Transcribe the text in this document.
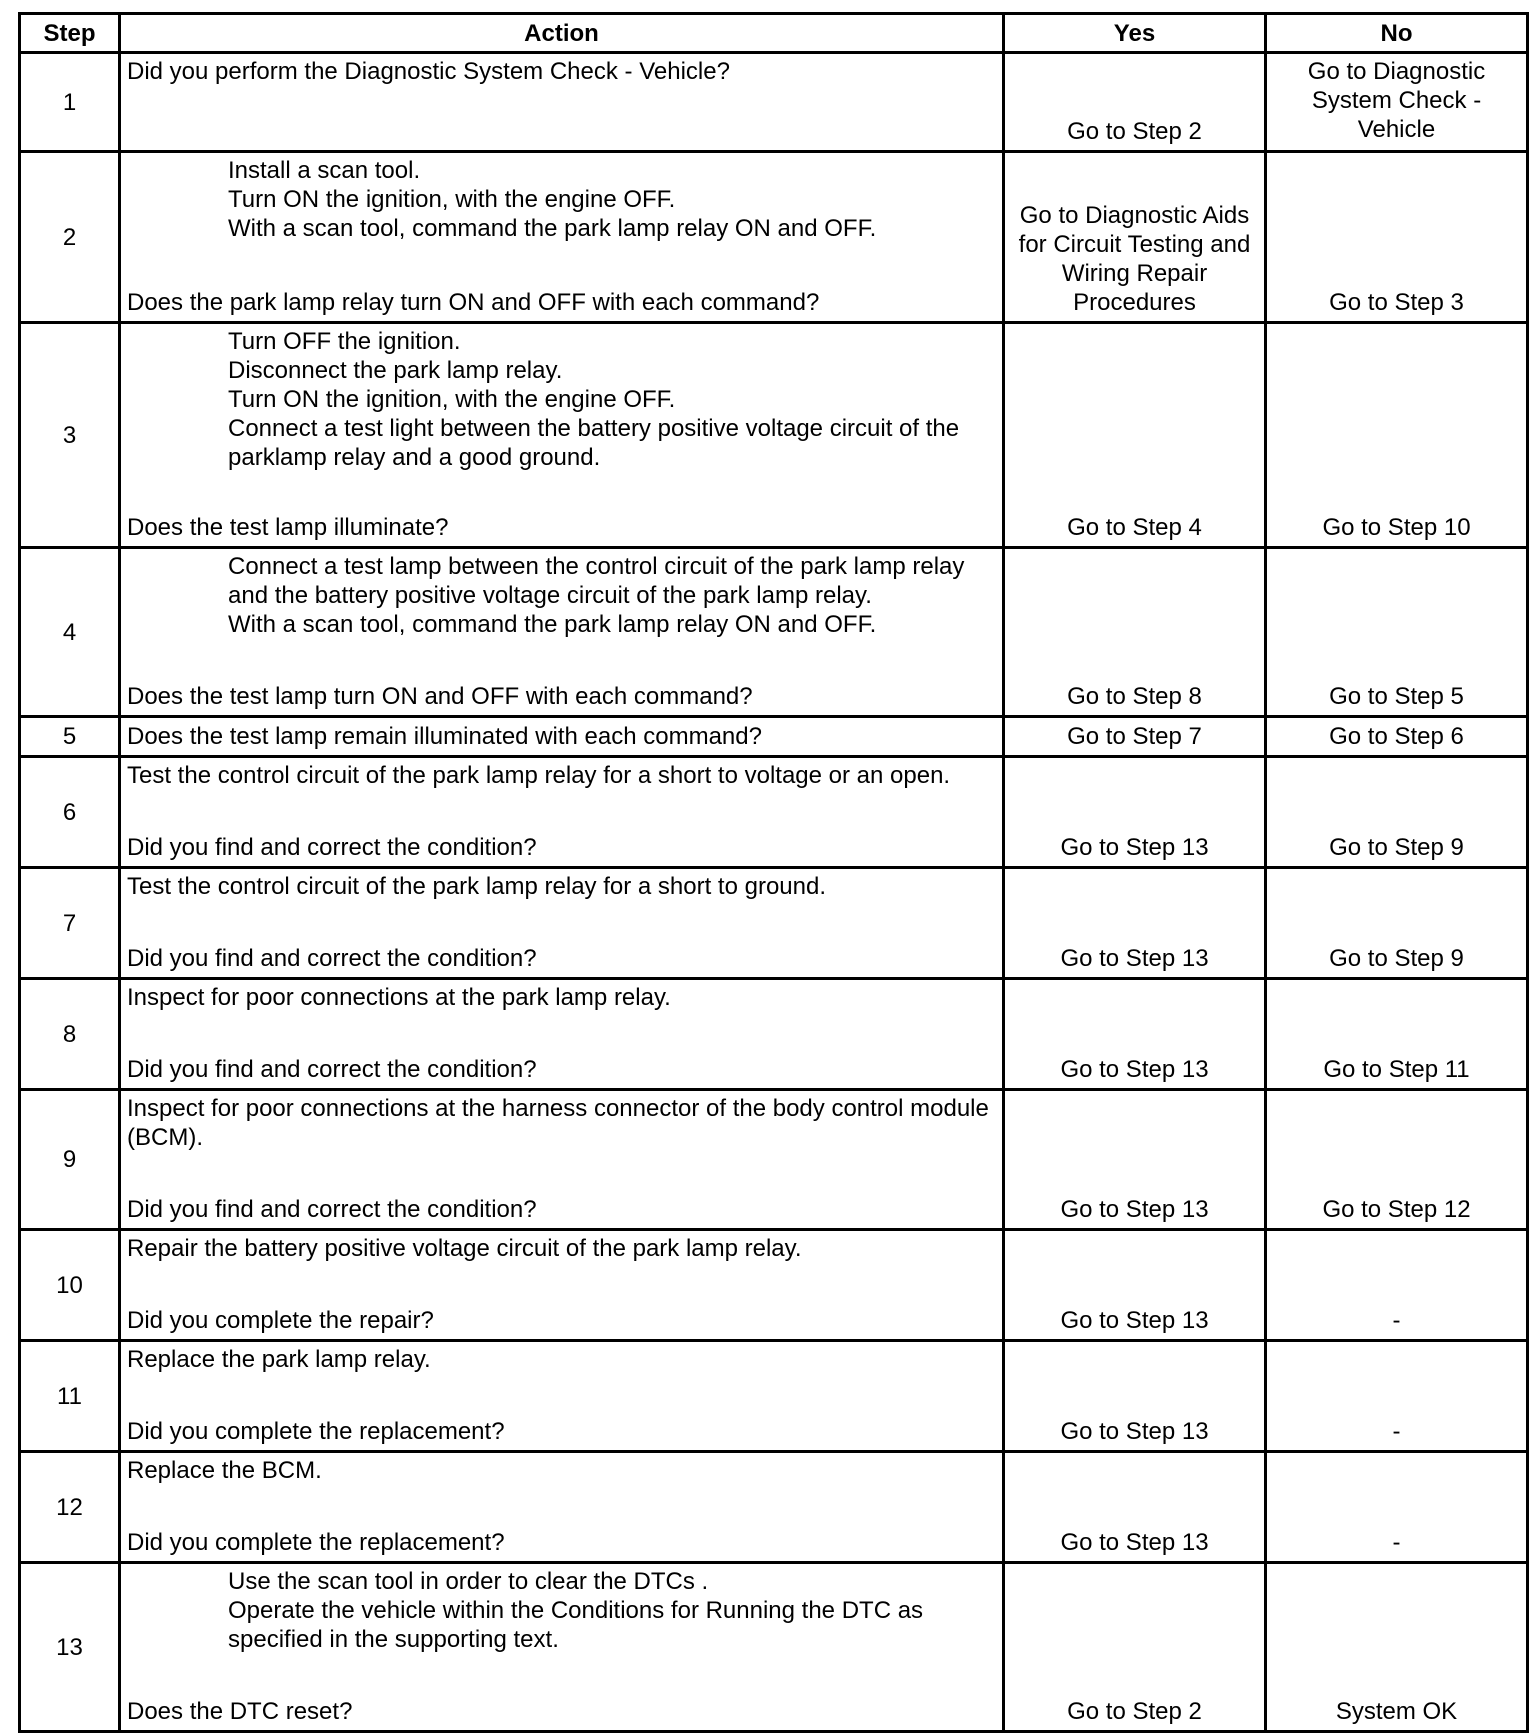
Step	Action	Yes	No
1	Did you perform the Diagnostic System Check - Vehicle?	Go to Step 2	Go to Diagnostic System Check - Vehicle
2	Install a scan tool.
Turn ON the ignition, with the engine OFF.
With a scan tool, command the park lamp relay ON and OFF.
Does the park lamp relay turn ON and OFF with each command?	Go to Diagnostic Aids for Circuit Testing and Wiring Repair Procedures	Go to Step 3
3	Turn OFF the ignition.
Disconnect the park lamp relay.
Turn ON the ignition, with the engine OFF.
Connect a test light between the battery positive voltage circuit of the parklamp relay and a good ground.
Does the test lamp illuminate?	Go to Step 4	Go to Step 10
4	Connect a test lamp between the control circuit of the park lamp relay and the battery positive voltage circuit of the park lamp relay.
With a scan tool, command the park lamp relay ON and OFF.
Does the test lamp turn ON and OFF with each command?	Go to Step 8	Go to Step 5
5	Does the test lamp remain illuminated with each command?	Go to Step 7	Go to Step 6
6	Test the control circuit of the park lamp relay for a short to voltage or an open.
Did you find and correct the condition?	Go to Step 13	Go to Step 9
7	Test the control circuit of the park lamp relay for a short to ground.
Did you find and correct the condition?	Go to Step 13	Go to Step 9
8	Inspect for poor connections at the park lamp relay.
Did you find and correct the condition?	Go to Step 13	Go to Step 11
9	Inspect for poor connections at the harness connector of the body control module (BCM).
Did you find and correct the condition?	Go to Step 13	Go to Step 12
10	Repair the battery positive voltage circuit of the park lamp relay.
Did you complete the repair?	Go to Step 13	-
11	Replace the park lamp relay.
Did you complete the replacement?	Go to Step 13	-
12	Replace the BCM.
Did you complete the replacement?	Go to Step 13	-
13	Use the scan tool in order to clear the DTCs .
Operate the vehicle within the Conditions for Running the DTC as specified in the supporting text.
Does the DTC reset?	Go to Step 2	System OK
